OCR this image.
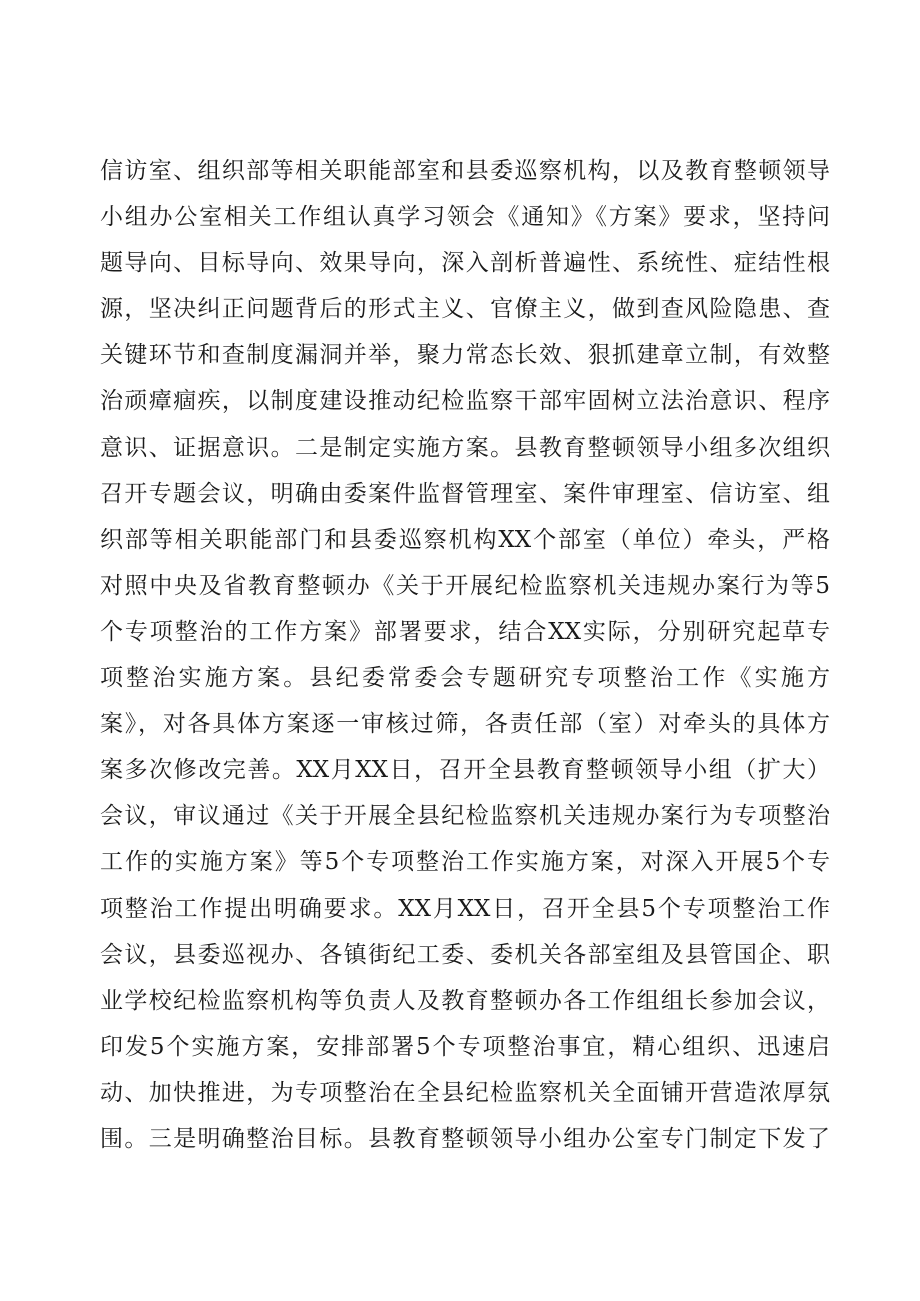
信访室、组织部等相关职能部室和县委巡察机构，以及教育整顿领导
小组办公室相关工作组认真学习领会《通知》《方案》要求，坚持问
题导向、目标导向、效果导向，深入剖析普遍性、系统性、症结性根
源，坚决纠正问题背后的形式主义、官僚主义，做到查风险隐患、查
关键环节和查制度漏洞并举，聚力常态长效、狠抓建章立制，有效整
治顽瘴痼疾，以制度建设推动纪检监察干部牢固树立法治意识、程序
意识、证据意识。二是制定实施方案。县教育整顿领导小组多次组织
召开专题会议，明确由委案件监督管理室、案件审理室、信访室、组
织部等相关职能部门和县委巡察机构XX个部室（单位）牵头，严格
对照中央及省教育整顿办《关于开展纪检监察机关违规办案行为等5
个专项整治的工作方案》部署要求，结合XX实际，分别研究起草专
项整治实施方案。县纪委常委会专题研究专项整治工作《实施方
案》，对各具体方案逐一审核过筛，各责任部（室）对牵头的具体方
案多次修改完善。XX月XX日，召开全县教育整顿领导小组（扩大）
会议，审议通过《关于开展全县纪检监察机关违规办案行为专项整治
工作的实施方案》等5个专项整治工作实施方案，对深入开展5个专
项整治工作提出明确要求。XX月XX日，召开全县5个专项整治工作
会议，县委巡视办、各镇街纪工委、委机关各部室组及县管国企、职
业学校纪检监察机构等负责人及教育整顿办各工作组组长参加会议，
印发5个实施方案，安排部署5个专项整治事宜，精心组织、迅速启
动、加快推进，为专项整治在全县纪检监察机关全面铺开营造浓厚氛
围。三是明确整治目标。县教育整顿领导小组办公室专门制定下发了
